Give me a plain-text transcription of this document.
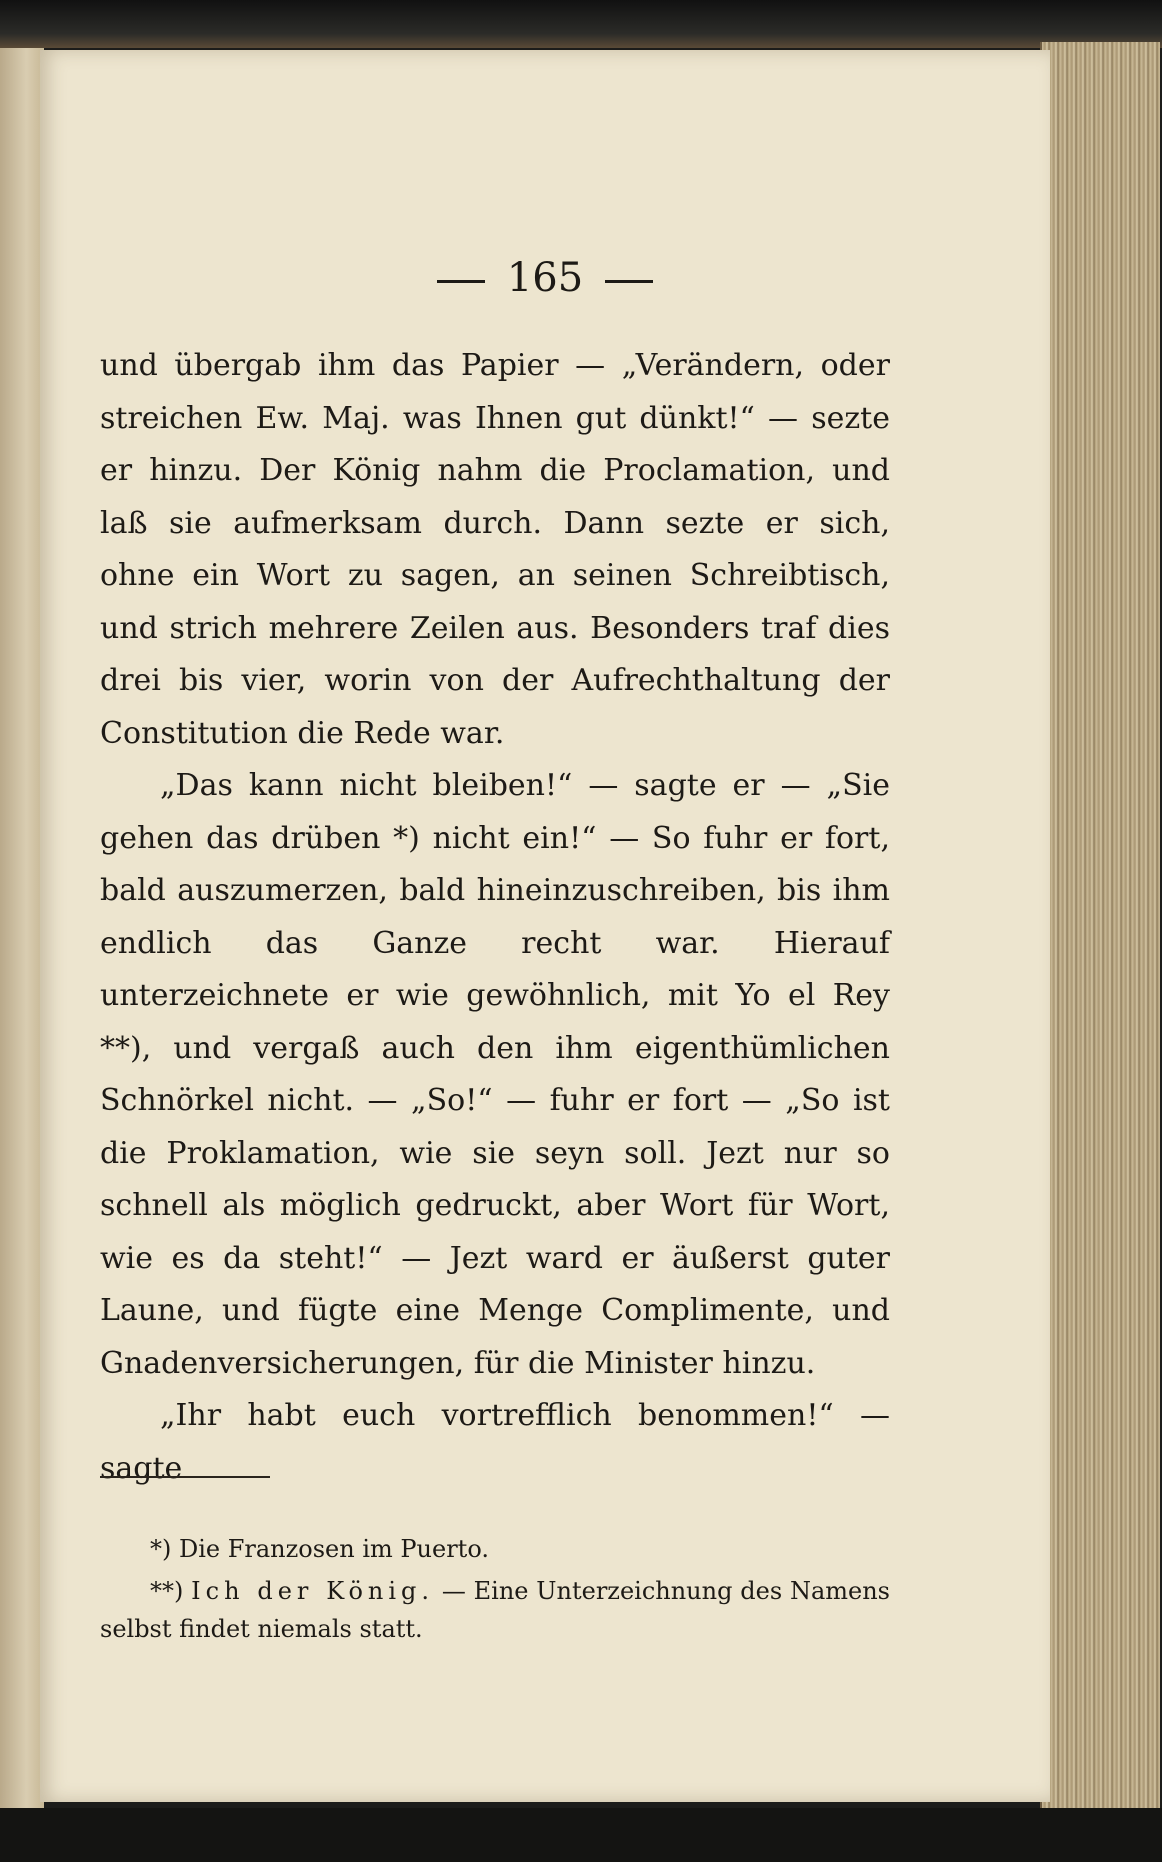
165

und übergab ihm das Papier — „Verändern, oder streichen Ew. Maj. was Ihnen gut dünkt!“ — sezte er hinzu. Der König nahm die Proclamation, und laß sie aufmerksam durch. Dann sezte er sich, ohne ein Wort zu sagen, an seinen Schreibtisch, und strich mehrere Zeilen aus. Besonders traf dies drei bis vier, worin von der Aufrechthaltung der Constitution die Rede war.

„Das kann nicht bleiben!“ — sagte er — „Sie gehen das drüben *) nicht ein!“ — So fuhr er fort, bald auszumerzen, bald hineinzuschreiben, bis ihm endlich das Ganze recht war. Hierauf unterzeichnete er wie gewöhnlich, mit Yo el Rey **), und vergaß auch den ihm eigenthümlichen Schnörkel nicht. — „So!“ — fuhr er fort — „So ist die Proklamation, wie sie seyn soll. Jezt nur so schnell als möglich gedruckt, aber Wort für Wort, wie es da steht!“ — Jezt ward er äußerst guter Laune, und fügte eine Menge Complimente, und Gnadenversicherungen, für die Minister hinzu.

„Ihr habt euch vortrefflich benommen!“ — sagte

*) Die Franzosen im Puerto.

**) Ich der König. — Eine Unterzeichnung des Namens selbst findet niemals statt.
